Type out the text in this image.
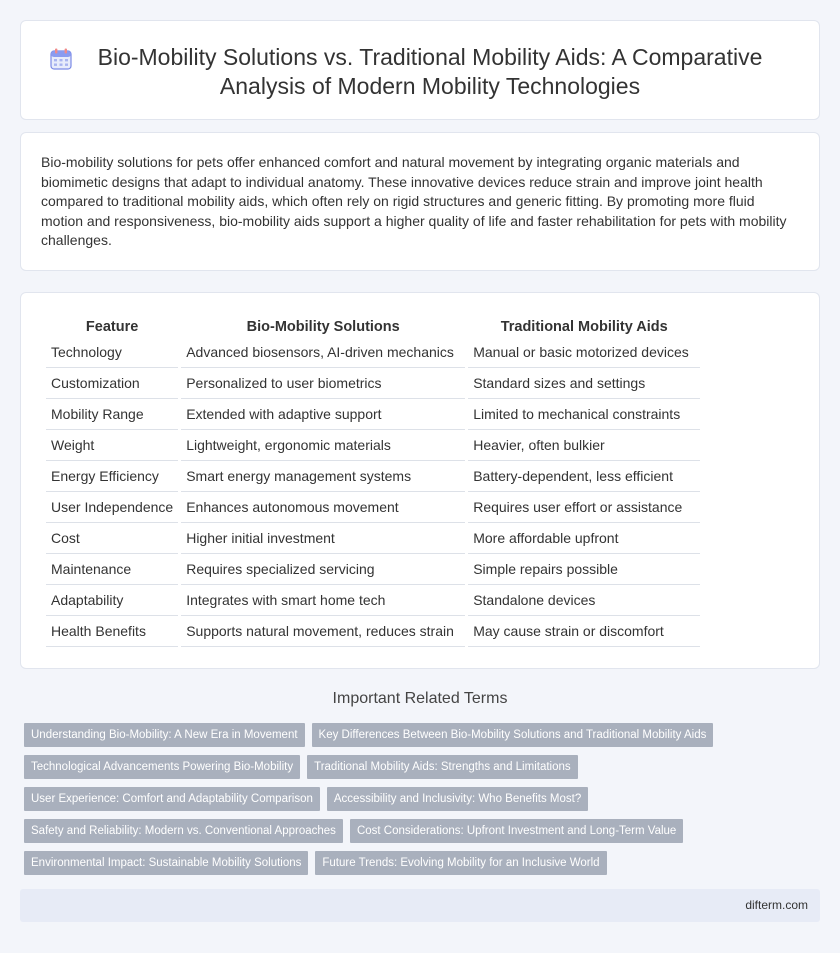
Bio-Mobility Solutions vs. Traditional Mobility Aids: A Comparative Analysis of Modern Mobility Technologies

Bio-mobility solutions for pets offer enhanced comfort and natural movement by integrating organic materials and biomimetic designs that adapt to individual anatomy. These innovative devices reduce strain and improve joint health compared to traditional mobility aids, which often rely on rigid structures and generic fitting. By promoting more fluid motion and responsiveness, bio-mobility aids support a higher quality of life and faster rehabilitation for pets with mobility challenges.

Feature	Bio-Mobility Solutions	Traditional Mobility Aids
Technology	Advanced biosensors, AI-driven mechanics	Manual or basic motorized devices
Customization	Personalized to user biometrics	Standard sizes and settings
Mobility Range	Extended with adaptive support	Limited to mechanical constraints
Weight	Lightweight, ergonomic materials	Heavier, often bulkier
Energy Efficiency	Smart energy management systems	Battery-dependent, less efficient
User Independence	Enhances autonomous movement	Requires user effort or assistance
Cost	Higher initial investment	More affordable upfront
Maintenance	Requires specialized servicing	Simple repairs possible
Adaptability	Integrates with smart home tech	Standalone devices
Health Benefits	Supports natural movement, reduces strain	May cause strain or discomfort
Important Related Terms
Understanding Bio-Mobility: A New Era in Movement	Key Differences Between Bio-Mobility Solutions and Traditional Mobility Aids
Technological Advancements Powering Bio-Mobility	Traditional Mobility Aids: Strengths and Limitations
User Experience: Comfort and Adaptability Comparison	Accessibility and Inclusivity: Who Benefits Most?
Safety and Reliability: Modern vs. Conventional Approaches	Cost Considerations: Upfront Investment and Long-Term Value
Environmental Impact: Sustainable Mobility Solutions	Future Trends: Evolving Mobility for an Inclusive World
difterm.com
